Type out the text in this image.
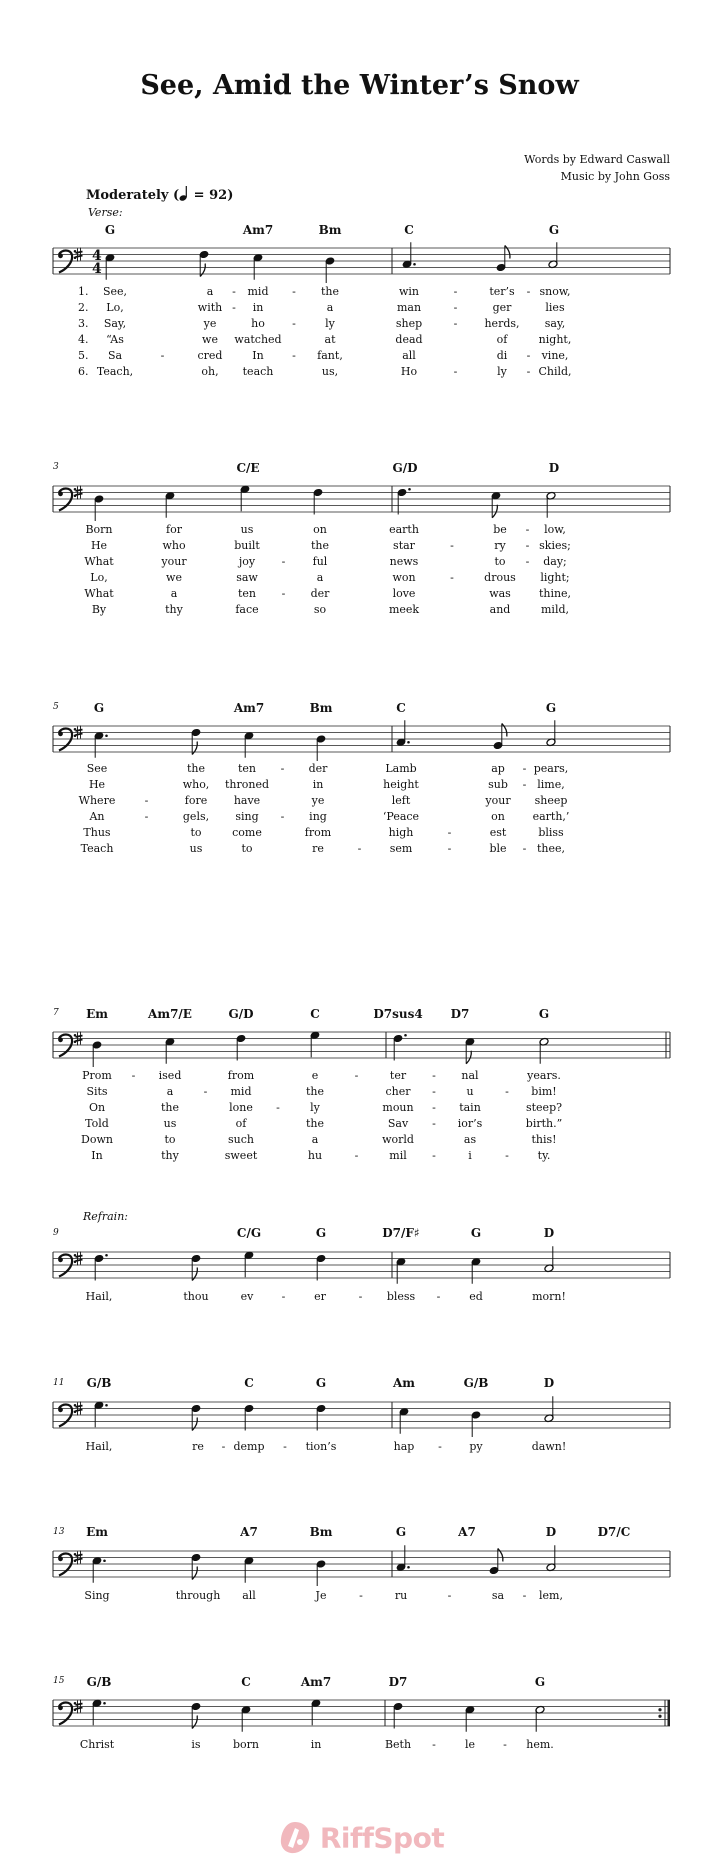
See, Amid the Winter’s Snow
Words by Edward Caswall
Music by John Goss
Moderately ( = 92)
Verse:
Refrain:
G	Am7	Bm	C	G
4
4
1. See,	a - mid - the	win	-	ter’s - snow,
2. Lo,	with - in	a	man	-	ger	lies
3. Say,	ye	ho -	ly	shep	- herds, say,
4. “As	we watched	at	dead	of	night,
5. Sa	-	cred	In	- fant,	all	di - vine,
6. Teach,	oh, teach	us,	Ho	-	ly - Child,
3	C/E	G/D	D
Born	for	us	on	earth	be - low,
He	who	built	the	star	-	ry - skies;
What	your	joy - ful	news	to - day;
Lo,	we	saw	a	won	-	drous light;
What	a	ten - der	love	was	thine,
By	thy	face	so	meek	and	mild,
5	G	Am7	Bm	C	G
See	the	ten - der	Lamb	ap - pears,
He	who, throned	in	height	sub - lime,
Where	-	fore have	ye	left	your sheep
An	-	gels, sing - ing	‘Peace	on	earth,’
Thus	to	come	from	high	-	est	bliss
Teach	us	to	re	-	sem	-	ble - thee,
7 Em	Am7/E	G/D	C	D7sus4 D7	G
Prom - ised	from	e	-	ter - nal	years.
Sits	a	- mid	the	cher -	u	- bim!
On	the	lone -	ly	moun - tain	steep?
Told	us	of	the	Sav - ior’s	birth.”
Down	to	such	a	world	as	this!
In	thy	sweet	hu	-	mil -	i	-	ty.
9	C/G	G	D7/F♯	G	D
Hail,	thou	ev	-	er	- bless -	ed	morn!
11 G/B	C	G	Am	G/B	D
Hail,	re - demp - tion’s	hap -	py	dawn!
13 Em	A7	Bm	G	A7	D	D7/C
Sing	through all	Je	-	ru	-	sa - lem,
15 G/B	C	Am7	D7	G
Christ	is	born	in	Beth -	le	- hem.
RiffSpot
